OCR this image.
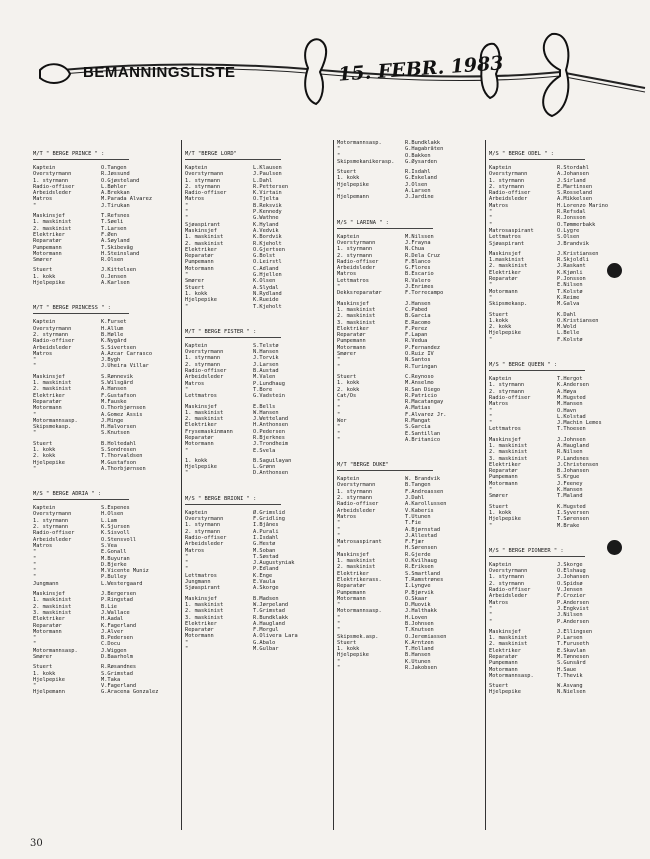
BEMANNINGSLISTE	15. FEBR. 1983
M/T " BERGE PRINCE " :
Kaptein	O.Tangen
Overstyrmann	R.Jøssund
1. styrmann	O.Gjøsteland
Radio-offiser	L.Bøhler
Arbeidsleder	A.Brekkan
Matros	M.Parada Alvarez
"	J.Tirukan
Maskinsjef	T.Refsnes
1. maskinist	T.Søeli
2. maskinist	T.Larsen
Elektriker	F.Øen
Reparatør	A.Søyland
Pumpemann	T.Skibevåg
Motormann	H.Steinsland
Smører	R.Olsen
Stuert	J.Kittelsen
1. kokk	O.Jensen
Hjelpepike	A.Karlsen
M/T " BERGE PRINCESS " :
Kaptein	K.Furset
Overstyrmann	H.Allum
2. styrmann	B.Hølle
Radio-offiser	K.Nygård
Arbeidsleder	S.Sivertsen
Matros	A.Azcar Carrasco
"	J.Bygh
"	J.Uheira Villar
Maskinsjef	S.Rønnevik
1. maskinist	S.Wilsgård
2. maskinist	A.Hansen
Elektriker	F.Gustafson
Reparatør	M.Fauske
Motormann	O.Thorbjørnsen
"	A.Gomez Assis
Motormannsasp.	J.Minge
Skipsmekasp.	H.Halvorsen
"	S.Knutsen
Stuert	B.Holtedahl
1. kokk	S.Sondresen
2. kokk	T.Thorvaldsen
Hjelpepike	M.Gustafson
"	A.Thorbjørnsen
M/S " BERGE ADRIA " :
Kaptein	S.Espenes
Overstyrmann	H.Olsen
1. styrmann	L.Lam
2. styrmann	K.Sjursen
Radio-offiser	K.Sisvoll
Arbeidsleder	O.Stensvoll
Matros	S.Vea
"	E.Gonall
"	M.Buyuran
"	D.Bjerke
"	M.Vicente Muniz
"	P.Bulley
Jungmann	L.Westergaard
Maskinsjef	J.Bergersen
1. maskinist	P.Ringstad
2. maskinist	B.Lie
3. maskinist	J.Wallace
Elektriker	H.Aadal
Reparatør	K.Fagerland
Motormann	J.Alver
"	B.Pedersen
"	C.Docu
Motormannsasp.	J.Wiggen
Smører	D.Baarholm
Stuert	R.Røsandnes
1. kokk	S.Grimstad
Hjelpepike	M.Taka
"	V.Fagerland
Hjelpemann	G.Aracena Gonzalez
M/T "BERGE LORD"
Kaptein	L.Klausen
Overstyrmann	J.Paulsen
1. styrmann	L.Dahl
2. styrmann	R.Pettersen
Radio-offiser	K.Virtain
Matros	O.Tjelta
"	B.Reksvik
"	P.Kennedy
"	G.Wathne
Sjøaspirant	K.Hyland
Maskinsjef	A.Vedvik
1. maskinist	K.Bordvik
2. maskinist	R.Kjeholt
Elektriker	O.Gjertsen
Reparatør	G.Bolst
Pumpemann	O.Leirstl
Motormann	C.Adland
"	G.Hjellen
Smører	K.Olsen
Stuert	A.Slydal
1. kokk	N.Rydland
Hjelpepike	K.Rueide
"	T.Kjeholt
M/T " BERGE FISTER " :
Kaptein	S.Telstø
Overstyrmann	N.Hansen
1. styrmann	J.Torvik
2. styrmann	J.Larsen
Radio-offiser	B.Austad
Arbeidsleder	M.Valen
Matros	P.Lundhaug
"	T.Bore
Lettmatros	G.Vadstein
Maskinsjef	E.Bells
1. maskinist	W.Hansen
2. maskinist	J.Wetteland
Elektriker	H.Anthonsen
Frysemaskinmann	O.Pedersen
Reparatør	R.Bjerknes
Motormann	J.Trondheim
"	E.Svela
1. kokk	B.Saguilayan
Hjelpepike	L.Grønn
"	D.Anthonsen
M/S " BERGE BRIONI " :
Kaptein	Ø.Grimslid
Overstyrmann	F.Gridling
1. styrmann	I.Bjånes
2. styrmann	A.Purali
Radio-offiser	I.Isdahl
Arbeidsleder	G.Hestø
Matros	M.Soban
"	T.Søstad
"	J.Augustyniak
"	P.Edland
Lettmatros	K.Enge
Jungmann	E.Vaula
Sjøaspirant	A.Skorge
Maskinsjef	B.Madsen
1. maskinist	W.Jørpeland
2. maskinist	T.Grimstad
3. maskinist	R.Bundklakk
Elektriker	A.Haugland
Reparatør	F.Morgul
Motormann	A.Olivera Lara
"	G.Abalo
"	M.Gulbar
Motormannsasp.	R.Bundklakk
"	G.Hagabråten
"	O.Bakken
Skipsmekanikerasp.	G.Øysarden
Stuert	R.Isdahl
1. kokk	G.Eskeland
Hjelpepike	J.Olsen
"	A.Larsen
Hjelpemann	J.Jardine
M/S " LARINA " :
Kaptein	M.Nilssen
Overstyrmann	J.Frayna
1. styrmann	N.Chua
2. styrmann	R.Dela Cruz
Radio-offiser	F.Blanco
Arbeidsleder	G.Flores
Matros	B.Escario
Lettmatros	R.Valero
"	J.Enrimes
Dekksreparatør	F.Torrecampo
Maskinsjef	J.Hansen
1. maskinist	C.Pabed
2. maskinist	B.Garcia
3. maskinist	E.Racomo
Elektriker	F.Perez
Reparatør	F.Lapan
Pumpemann	R.Vedua
Motormann	P.Fernandez
Smører	O.Ruiz IV
"	N.Santos
"	R.Turingan
Stuert	C.Reynoso
1. kokk	M.Anselmo
2. kokk	R.San Diego
Cat/Os	R.Patricio
"	R.Macatangay
"	A.Matias
"	F.Alvarez Jr.
Wer	R.Mangat
"	S.Garcia
"	E.Santillan
"	A.Britanico
M/T "BERGE DUKE"
Kaptein	W. Brandvik
Overstyrmann	B.Tangen
1. styrmann	F.Andreassen
2. styrmann	J.Dahl
Radio-offiser	A.Karollussen
Arbeidsleder	V.Kaberis
Matros	T.Utunen
"	T.Fie
"	A.Bjørnstad
"	J.Allestad
Matrosaspirant	F.Fjær
"	H.Sørensen
Maskinsjef	R.Gjerde
1. maskinist	O.Kvilhaug
2. maskinist	R.Eriksen
Elektriker	S.Smartland
Elektrikerass.	T.Ramstrønes
Reparatør	I.Lyngve
Pumpemann	P.Bjørvik
Motormann	O.Skaar
"	D.Muovik
Motormannsasp.	J.Halthakk
"	H.Loven
"	B.Johnsen
"	T.Knutsen
Skipsmek.asp.	O.Jeremiassen
Stuert	K.Arntzen
1. kokk	T.Holland
Hjelpepike	B.Hansen
"	K.Utunen
"	R.Jakobsen
M/S " BERGE ODEL " :
Kaptein	R.Stordahl
Overstyrmann	A.Johansen
1. styrmann	J.Sirland
2. styrmann	E.Martinsen
Radio-offiser	S.Rosseland
Arbeidsleder	A.Mikkelsen
Matros	H.Lorenzo Marino
"	R.Refsdal
"	R.Jonsson
"	O.Tømmerbakk
Matrosaspirant	O.Lygre
Lettmatros	S.Olsen
Sjøaspirant	J.Brandvik
Maskinsjef	J.Kristiansen
1.maskinist	R.Skjoldli
2. maskinist	J.Raskant
Elektriker	K.Kjønli
Reparatør	P.Jonsson
"	E.Nilsen
Motormann	T.Kolstø
"	K.Reime
Skipsmekasp.	M.Galva
Stuert	K.Dahl
1.kokk	O.Kristiansen
2. kokk	M.Wold
Hjelpepike	L.Belle
"	F.Kolstø
M/S " BERGE QUEEN " :
Kaptein	T.Hergot
1. styrmann	K.Andersen
2. styrmann	A.Høya
Radio-offiser	M.Hugsted
Matros	M.Hansen
"	O.Havn
"	L.Kolstad
"	J.Machin Lemes
Lettmatros	T.Thoesen
Maskinsjef	J.Johnsen
1. maskinist	A.Haugland
2. maskinist	R.Nilsen
3. maskinist	P.Landsnes
Elektriker	J.Christensen
Reparatør	B.Johansen
Pumpemann	S.Krgue
Motormann	J.Feeney
"	K.Hansen
Smører	T.Maland
Stuert	K.Hugsted
1. kokk	I.Syversen
Hjelpepike	T.Sørensen
"	M.Brake
M/S " BERGE PIONEER " :
Kaptein	J.Skorge
Overstyrmann	O.Elshaug
1. styrmann	J.Johansen
2. styrmann	O.Spidsø
Radio-offiser	V.Jensen
Arbeidsleder	F.Crozier
Matros	P.Andersen
"	J.Engkvist
"	J.Nilsen
"	P.Andersen
Maskinsjef	J.Ellingsen
1. maskinist	P.Larsen
2. maskinist	T.Furuseth
Elektriker	E.Skavlan
Reparatør	M.Tønnesen
Pumpemann	S.Gunsård
Motormann	H.Saue
Motormannsasp.	T.Thevik
Stuert	W.Asvang
Hjelpepike	N.Nielsen
30
